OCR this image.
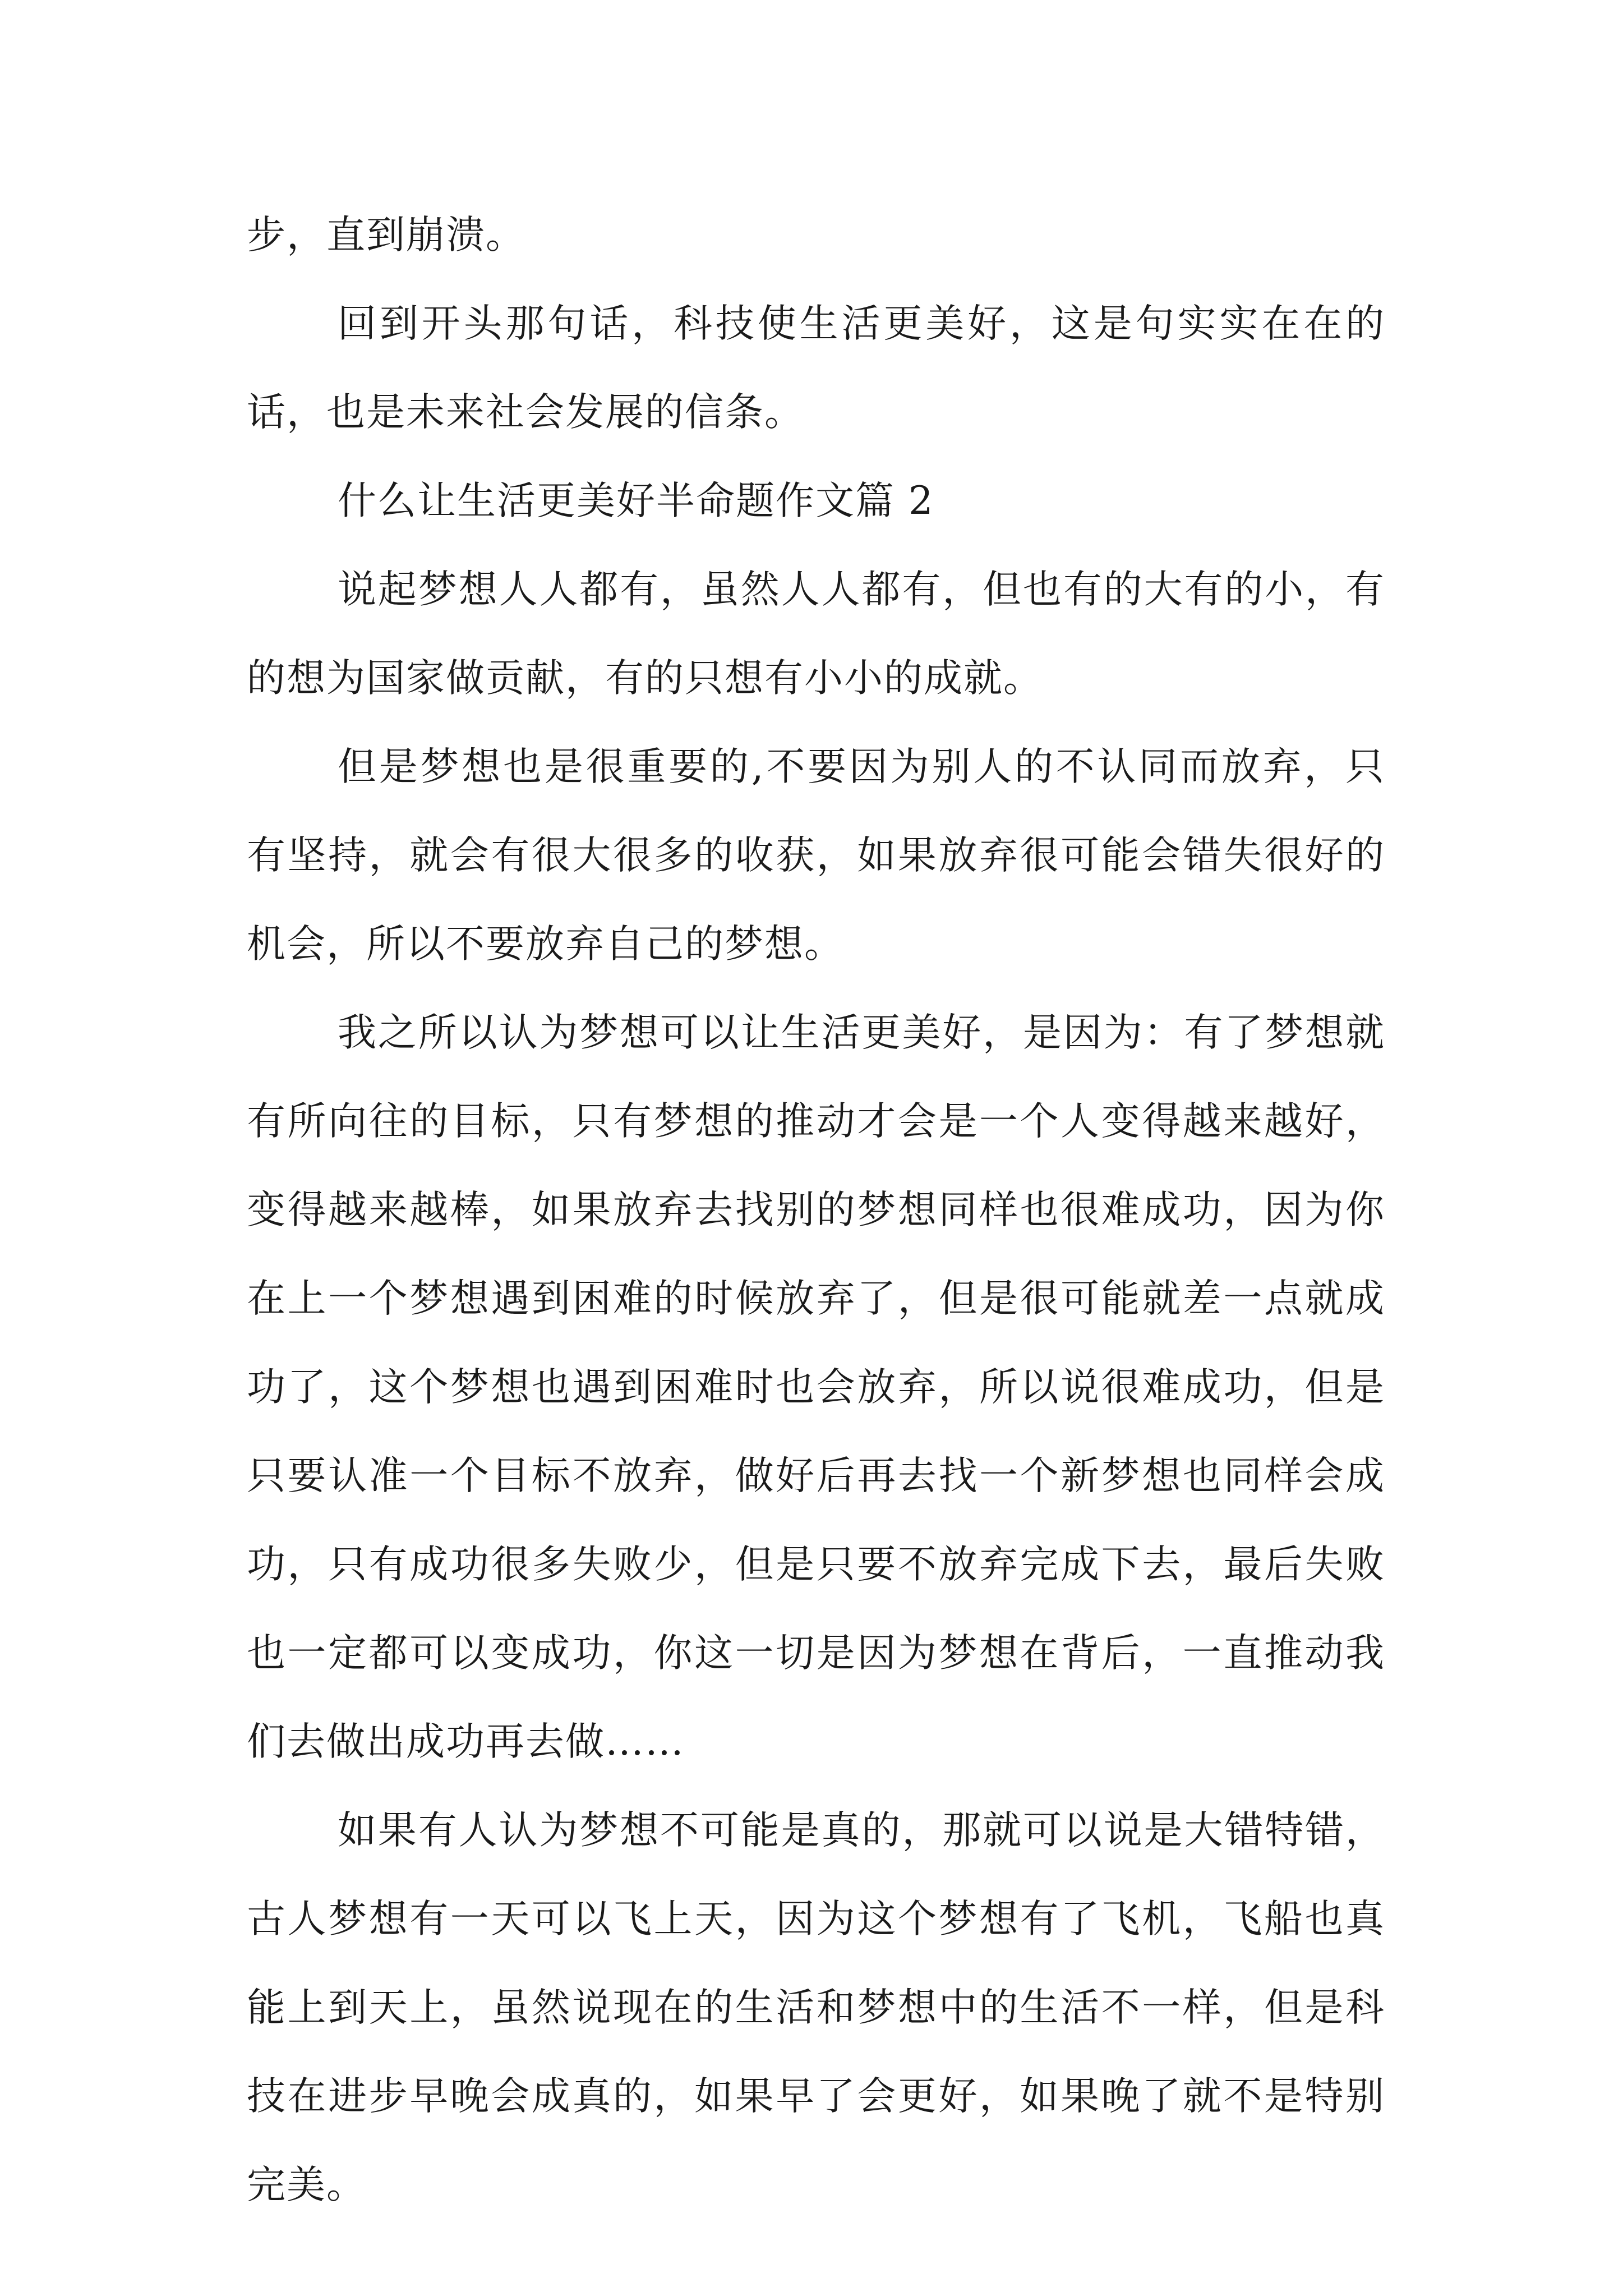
步，直到崩溃。

回到开头那句话，科技使生活更美好，这是句实实在在的话，也是未来社会发展的信条。

什么让生活更美好半命题作文篇 2

说起梦想人人都有，虽然人人都有，但也有的大有的小，有的想为国家做贡献，有的只想有小小的成就。

但是梦想也是很重要的,不要因为别人的不认同而放弃，只有坚持，就会有很大很多的收获，如果放弃很可能会错失很好的机会，所以不要放弃自己的梦想。

我之所以认为梦想可以让生活更美好，是因为：有了梦想就有所向往的目标，只有梦想的推动才会是一个人变得越来越好，变得越来越棒，如果放弃去找别的梦想同样也很难成功，因为你在上一个梦想遇到困难的时候放弃了，但是很可能就差一点就成功了，这个梦想也遇到困难时也会放弃，所以说很难成功，但是只要认准一个目标不放弃，做好后再去找一个新梦想也同样会成功，只有成功很多失败少，但是只要不放弃完成下去，最后失败也一定都可以变成功，你这一切是因为梦想在背后，一直推动我们去做出成功再去做……

如果有人认为梦想不可能是真的，那就可以说是大错特错，古人梦想有一天可以飞上天，因为这个梦想有了飞机，飞船也真能上到天上，虽然说现在的生活和梦想中的生活不一样，但是科技在进步早晚会成真的，如果早了会更好，如果晚了就不是特别完美。
